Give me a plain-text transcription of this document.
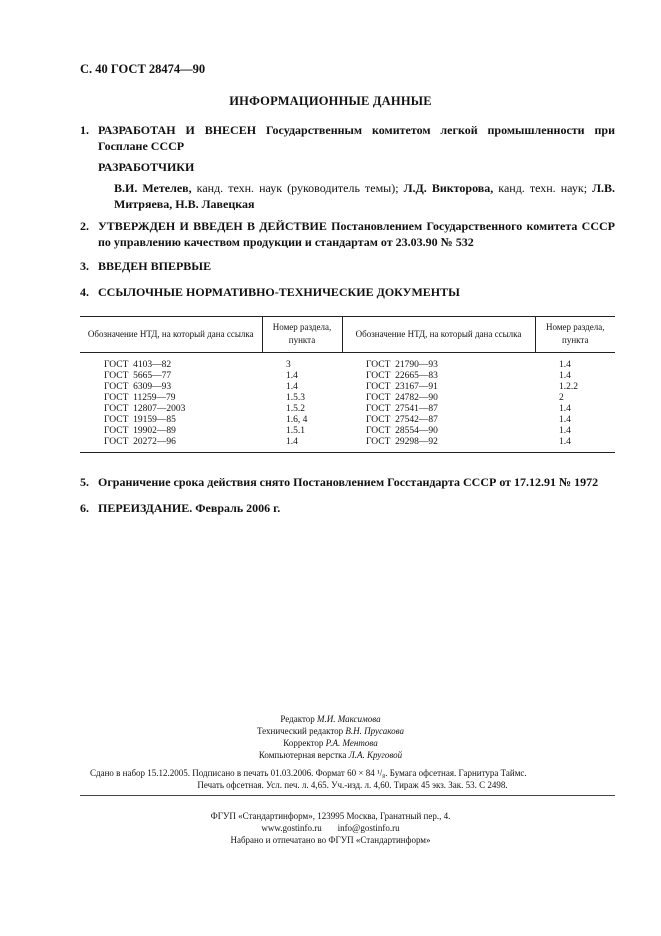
С. 40 ГОСТ 28474—90
ИНФОРМАЦИОННЫЕ ДАННЫЕ
1. РАЗРАБОТАН И ВНЕСЕН Государственным комитетом легкой промышленности при Госплане СССР
РАЗРАБОТЧИКИ
В.И. Метелев, канд. техн. наук (руководитель темы); Л.Д. Викторова, канд. техн. наук; Л.В. Митряева, Н.В. Лавецкая
2. УТВЕРЖДЕН И ВВЕДЕН В ДЕЙСТВИЕ Постановлением Государственного комитета СССР по управлению качеством продукции и стандартам от 23.03.90 № 532
3. ВВЕДЕН ВПЕРВЫЕ
4. ССЫЛОЧНЫЕ НОРМАТИВНО-ТЕХНИЧЕСКИЕ ДОКУМЕНТЫ
Обозначение НТД, на который дана ссылка	Номер раздела, пункта	Обозначение НТД, на который дана ссылка	Номер раздела, пункта
ГОСТ  4103—82	3	ГОСТ  21790—93	1.4
ГОСТ  5665—77	1.4	ГОСТ  22665—83	1.4
ГОСТ  6309—93	1.4	ГОСТ  23167—91	1.2.2
ГОСТ  11259—79	1.5.3	ГОСТ  24782—90	2
ГОСТ  12807—2003	1.5.2	ГОСТ  27541—87	1.4
ГОСТ  19159—85	1.6, 4	ГОСТ  27542—87	1.4
ГОСТ  19902—89	1.5.1	ГОСТ  28554—90	1.4
ГОСТ  20272—96	1.4	ГОСТ  29298—92	1.4
5. Ограничение срока действия снято Постановлением Госстандарта СССР от 17.12.91 № 1972
6. ПЕРЕИЗДАНИЕ. Февраль 2006 г.
Редактор М.И. Максимова
Технический редактор В.Н. Прусакова
Корректор Р.А. Ментова
Компьютерная верстка Л.А. Круговой
Сдано в набор 15.12.2005. Подписано в печать 01.03.2006. Формат 60 × 84 ¹/₈. Бумага офсетная. Гарнитура Таймс.
Печать офсетная. Усл. печ. л. 4,65. Уч.-изд. л. 4,60. Тираж 45 экз. Зак. 53. С 2498.
ФГУП «Стандартинформ», 123995 Москва, Гранатный пер., 4.
www.gostinfo.ru info@gostinfo.ru
Набрано и отпечатано во ФГУП «Стандартинформ»
